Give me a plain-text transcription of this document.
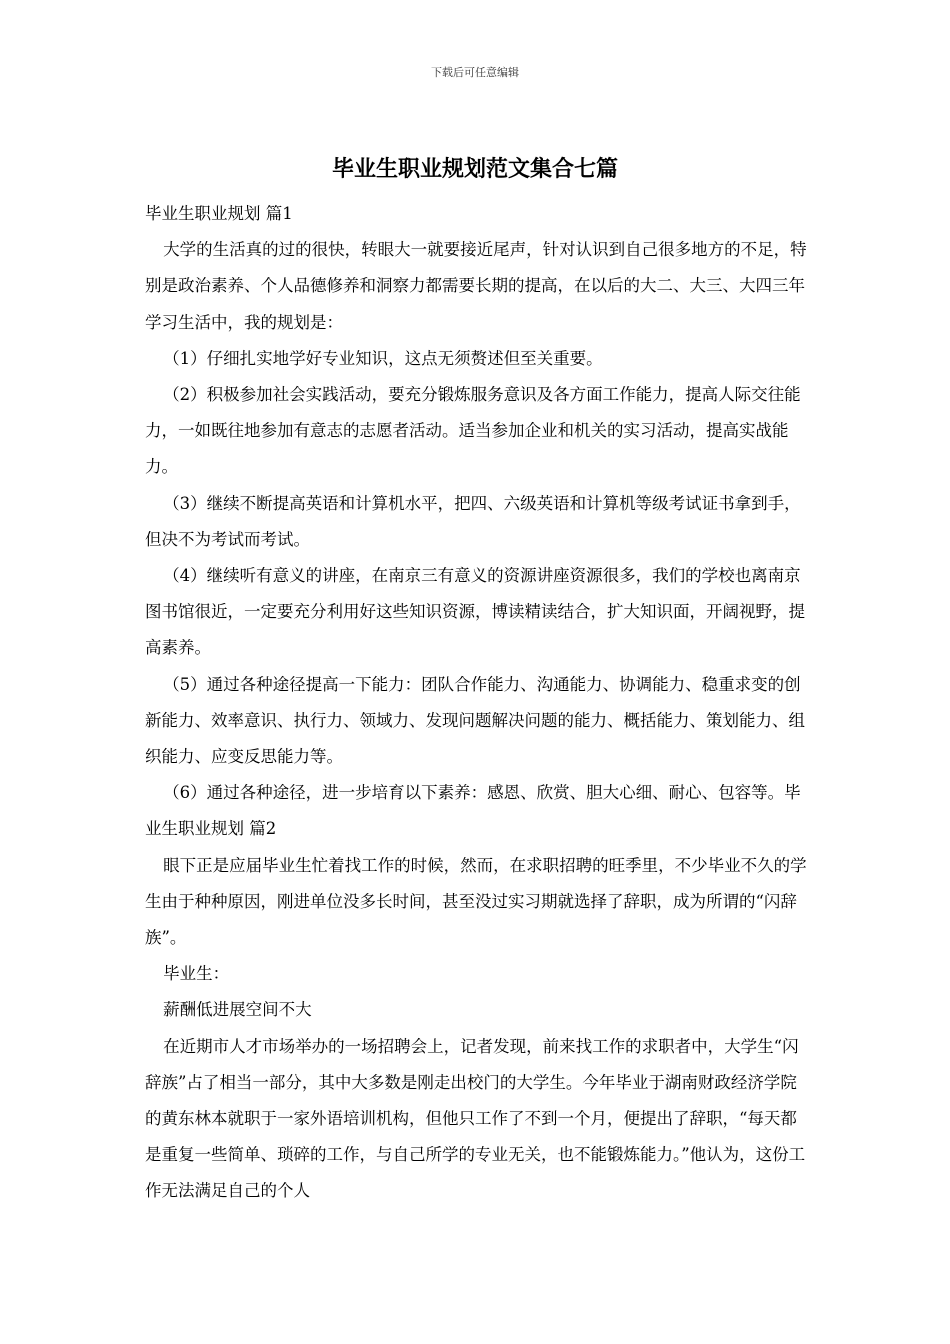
下载后可任意编辑
毕业生职业规划范文集合七篇

毕业生职业规划 篇1

大学的生活真的过的很快，转眼大一就要接近尾声，针对认识到自己很多地方的不足，特别是政治素养、个人品德修养和洞察力都需要长期的提高，在以后的大二、大三、大四三年学习生活中，我的规划是：

（1）仔细扎实地学好专业知识，这点无须赘述但至关重要。

（2）积极参加社会实践活动，要充分锻炼服务意识及各方面工作能力，提高人际交往能力，一如既往地参加有意志的志愿者活动。适当参加企业和机关的实习活动，提高实战能力。

（3）继续不断提高英语和计算机水平，把四、六级英语和计算机等级考试证书拿到手，但决不为考试而考试。

（4）继续听有意义的讲座，在南京三有意义的资源讲座资源很多，我们的学校也离南京图书馆很近，一定要充分利用好这些知识资源，博读精读结合，扩大知识面，开阔视野，提高素养。

（5）通过各种途径提高一下能力：团队合作能力、沟通能力、协调能力、稳重求变的创新能力、效率意识、执行力、领域力、发现问题解决问题的能力、概括能力、策划能力、组织能力、应变反思能力等。

（6）通过各种途径，进一步培育以下素养：感恩、欣赏、胆大心细、耐心、包容等。毕业生职业规划 篇2

眼下正是应届毕业生忙着找工作的时候，然而，在求职招聘的旺季里，不少毕业不久的学生由于种种原因，刚进单位没多长时间，甚至没过实习期就选择了辞职，成为所谓的“闪辞族”。

毕业生：

薪酬低进展空间不大

在近期市人才市场举办的一场招聘会上，记者发现，前来找工作的求职者中，大学生“闪辞族”占了相当一部分，其中大多数是刚走出校门的大学生。今年毕业于湖南财政经济学院的黄东林本就职于一家外语培训机构，但他只工作了不到一个月，便提出了辞职，“每天都是重复一些简单、琐碎的工作，与自己所学的专业无关，也不能锻炼能力。”他认为，这份工作无法满足自己的个人
